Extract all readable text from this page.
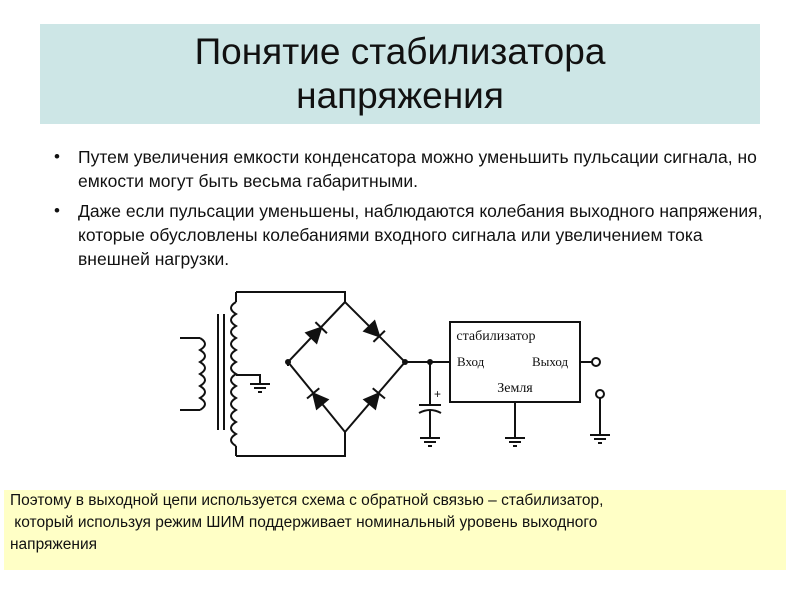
Понятие стабилизатора напряжения
• Путем увеличения емкости конденсатора можно уменьшить пульсации сигнала, но емкости могут быть весьма габаритными.
• Даже если пульсации уменьшены, наблюдаются колебания выходного напряжения, которые обусловлены колебаниями входного сигнала или увеличением тока внешней нагрузки.
стабилизатор
Вход	Выход
Земля
+
Поэтому в выходной цепи используется схема с обратной связью – стабилизатор,
который используя режим ШИМ поддерживает номинальный уровень выходного
напряжения
